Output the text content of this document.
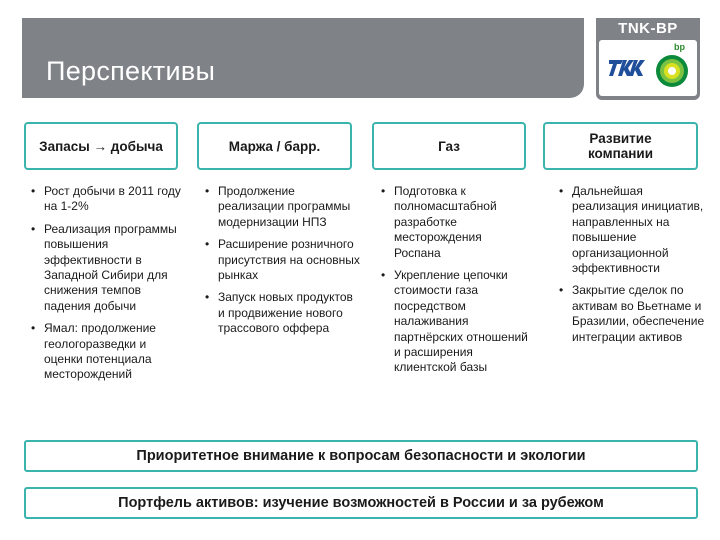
Перспективы
TNK-BP
bp
Запасы → добыча	Маржа / барр.	Газ	Развитие компании
• Рост добычи в 2011 году на 1-2%
• Реализация программы повышения эффективности в Западной Сибири для снижения темпов падения добычи
• Ямал: продолжение геологоразведки и оценки потенциала месторождений
• Продолжение реализации программы модернизации НПЗ
• Расширение розничного присутствия на основных рынках
• Запуск новых продуктов и продвижение нового трассового оффера
• Подготовка к полномасштабной разработке месторождения Роспана
• Укрепление цепочки стоимости газа посредством налаживания партнёрских отношений и расширения клиентской базы
• Дальнейшая реализация инициатив, направленных на повышение организационной эффективности
• Закрытие сделок по активам во Вьетнаме и Бразилии, обеспечение интеграции активов
Приоритетное внимание к вопросам безопасности и экологии
Портфель активов: изучение возможностей в России и за рубежом
